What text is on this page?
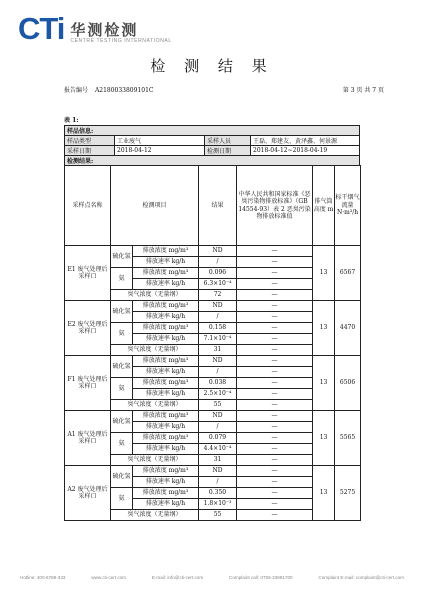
CTi 华测检测
CENTRE TESTING INTERNATIONAL
检 测 结 果
报告编号 A2180033809101C	第 3 页 共 7 页
表 1:
样品信息:			
样品类型	工业废气	采样人员	王磊、郑建友、黄泽鑫、何景源
采样日期	2018-04-12	检测日期	2018-04-12~2018-04-19
检测结果:			
采样点名称	检测项目		结果	中华人民共和国家标准《恶臭污染物排放标准》（GB 14554-93）表 2 恶臭污染物排放标准值	排气筒高度 m	标干烟气流量 N·m³/h
E1 废气处理后采样口	硫化氢	排放浓度 mg/m³	ND	—	13	6567
		排放速率 kg/h	/	—		
	氨	排放浓度 mg/m³	0.096	—		
		排放速率 kg/h	6.3×10⁻⁴	—		
	臭气浓度（无量纲）		72	—		
E2 废气处理后采样口	硫化氢	排放浓度 mg/m³	ND	—	13	4470
		排放速率 kg/h	/	—		
	氨	排放浓度 mg/m³	0.158	—		
		排放速率 kg/h	7.1×10⁻⁴	—		
	臭气浓度（无量纲）		31	—		
F1 废气处理后采样口	硫化氢	排放浓度 mg/m³	ND	—	13	6506
		排放速率 kg/h	/	—		
	氨	排放浓度 mg/m³	0.038	—		
		排放速率 kg/h	2.5×10⁻⁴	—		
	臭气浓度（无量纲）		55	—		
A1 废气处理后采样口	硫化氢	排放浓度 mg/m³	ND	—	13	5565
		排放速率 kg/h	/	—		
	氨	排放浓度 mg/m³	0.079	—		
		排放速率 kg/h	4.4×10⁻⁴	—		
	臭气浓度（无量纲）		31	—		
A2 废气处理后采样口	硫化氢	排放浓度 mg/m³	ND	—	13	5275
		排放速率 kg/h	/	—		
	氨	排放浓度 mg/m³	0.350	—		
		排放速率 kg/h	1.8×10⁻³	—		
	臭气浓度（无量纲）		55	—		
Hotline: 400-6788-333	www.cti-cert.com	E-mail: info@cti-cert.com	Complaint call: 0755-33681700	Complaint E-mail: complaint@cti-cert.com
